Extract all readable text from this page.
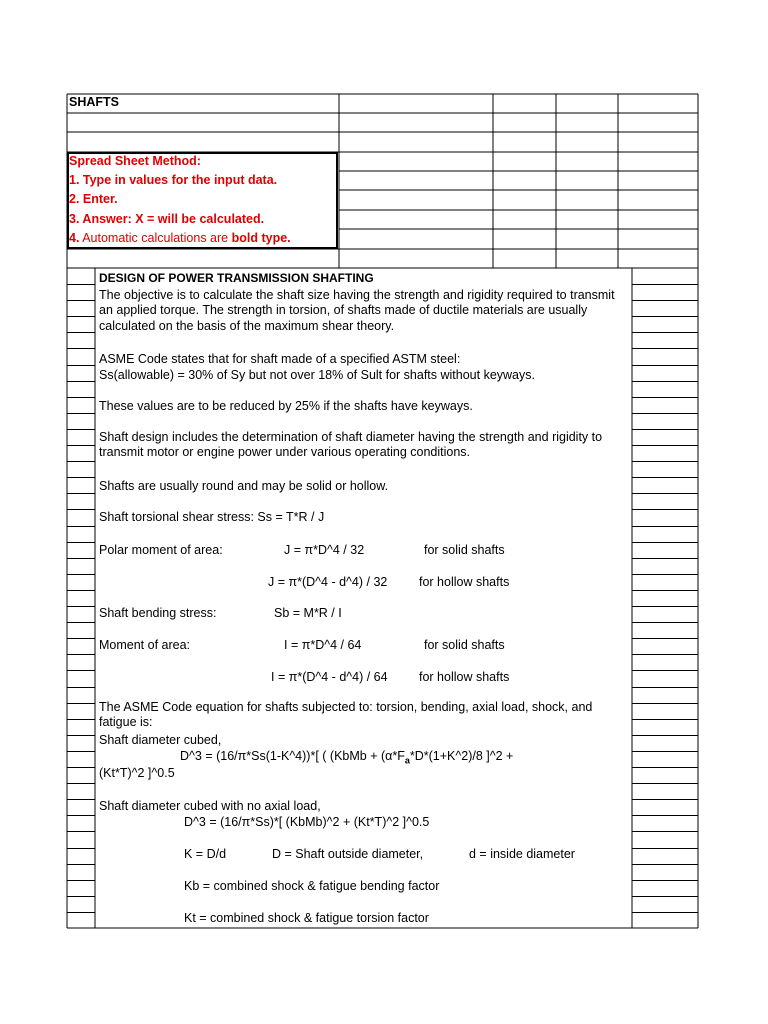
SHAFTS
Spread Sheet Method:
1. Type in values for the input data.
2. Enter.
3. Answer: X = will be calculated.
4. Automatic calculations are bold type.
DESIGN OF POWER TRANSMISSION SHAFTING
The objective is to calculate the shaft size having the strength and rigidity required to transmit an applied torque. The strength in torsion, of shafts made of ductile materials are usually calculated on the basis of the maximum shear theory.
ASME Code states that for shaft made of a specified ASTM steel:
Ss(allowable) = 30% of Sy but not over 18% of Sult for shafts without keyways.
These values are to be reduced by 25% if the shafts have keyways.
Shaft design includes the determination of shaft diameter having the strength and rigidity to transmit motor or engine power under various operating conditions.
Shafts are usually round and may be solid or hollow.
Shaft torsional shear stress: Ss = T*R / J
Polar moment of area:	J = π*D^4 / 32	for solid shafts
J = π*(D^4 - d^4) / 32	for hollow shafts
Shaft bending stress:	Sb = M*R / I
Moment of area:	I = π*D^4 / 64	for solid shafts
I = π*(D^4 - d^4) / 64	for hollow shafts
The ASME Code equation for shafts subjected to: torsion, bending, axial load, shock, and fatigue is:
Shaft diameter cubed,
D^3 = (16/π*Ss(1-K^4))*[ ( (KbMb + ($\alpha*F_a*D*(1+K\^{}2)/8$ ]^2 +
(Kt*T)^2 ]^0.5
Shaft diameter cubed with no axial load,
D^3 = (16/π*Ss)*[ (KbMb)^2 + (Kt*T)^2 ]^0.5
K = D/d	D = Shaft outside diameter,	d = inside diameter
Kb = combined shock & fatigue bending factor
Kt = combined shock & fatigue torsion factor
